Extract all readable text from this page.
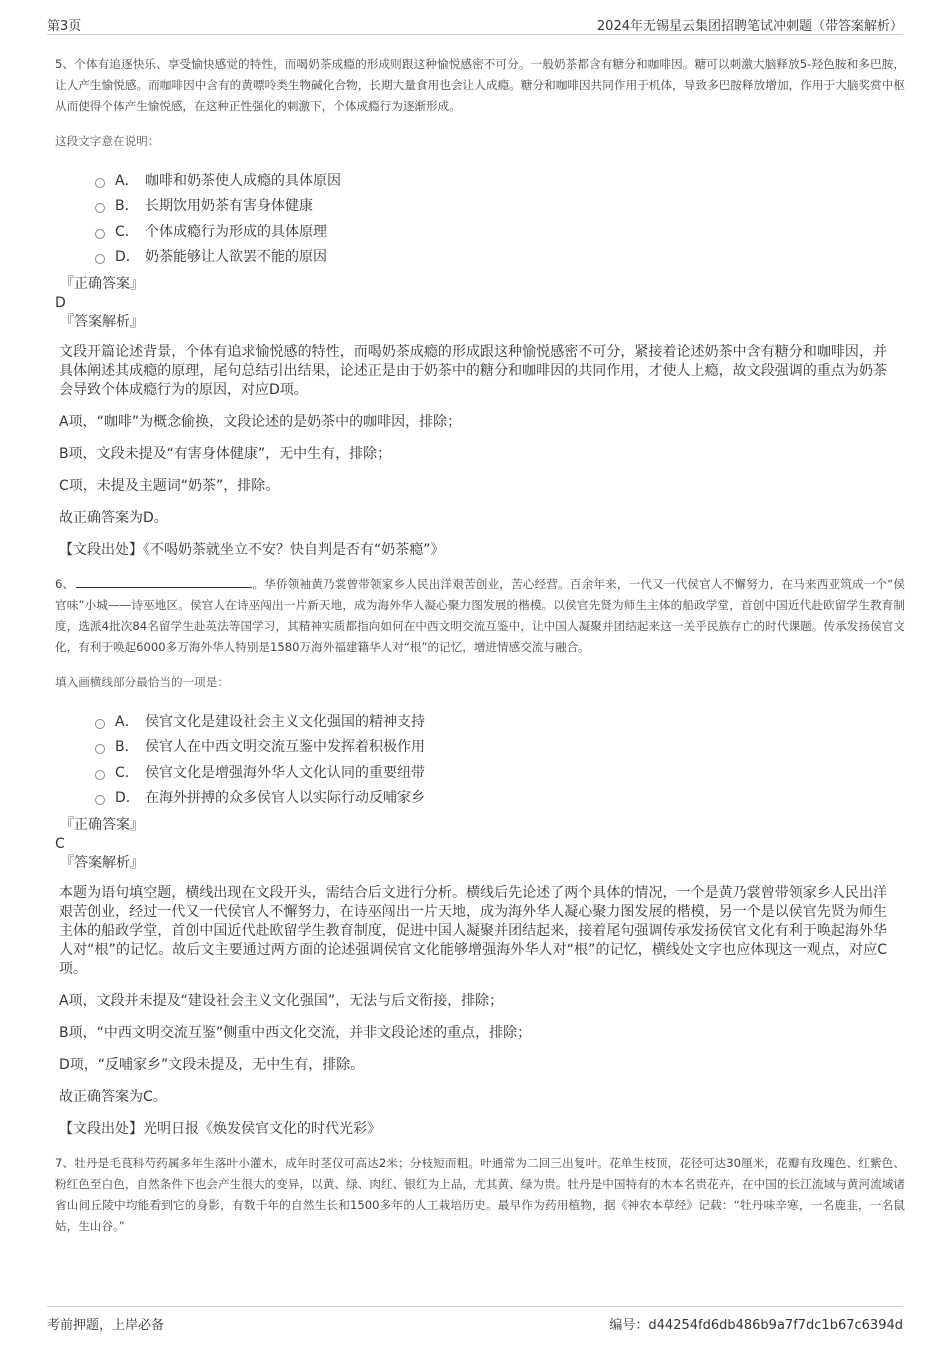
第3页	2024年无锡星云集团招聘笔试冲刺题（带答案解析）

5、个体有追逐快乐、享受愉快感觉的特性，而喝奶茶成瘾的形成则跟这种愉悦感密不可分。一般奶茶都含有糖分和咖啡因。糖可以刺激大脑释放5-羟色胺和多巴胺，让人产生愉悦感。而咖啡因中含有的黄嘌呤类生物碱化合物，长期大量食用也会让人成瘾。糖分和咖啡因共同作用于机体，导致多巴胺释放增加，作用于大脑奖赏中枢从而使得个体产生愉悦感，在这种正性强化的刺激下，个体成瘾行为逐渐形成。

这段文字意在说明：

A． 咖啡和奶茶使人成瘾的具体原因
B． 长期饮用奶茶有害身体健康
C． 个体成瘾行为形成的具体原理
D． 奶茶能够让人欲罢不能的原因
『正确答案』
D
『答案解析』

文段开篇论述背景，个体有追求愉悦感的特性，而喝奶茶成瘾的形成跟这种愉悦感密不可分，紧接着论述奶茶中含有糖分和咖啡因，并具体阐述其成瘾的原理，尾句总结引出结果，论述正是由于奶茶中的糖分和咖啡因的共同作用，才使人上瘾，故文段强调的重点为奶茶会导致个体成瘾行为的原因，对应D项。

A项，“咖啡”为概念偷换，文段论述的是奶茶中的咖啡因，排除；

B项，文段未提及“有害身体健康”，无中生有，排除；

C项，未提及主题词“奶茶”，排除。

故正确答案为D。

【文段出处】《不喝奶茶就坐立不安？快自判是否有“奶茶瘾”》

6、	。华侨领袖黄乃裳曾带领家乡人民出洋艰苦创业，苦心经营。百余年来，一代又一代侯官人不懈努力，在马来西亚筑成一个“侯官味”小城——诗巫地区。侯官人在诗巫闯出一片新天地，成为海外华人凝心聚力图发展的楷模。以侯官先贤为师生主体的船政学堂，首创中国近代赴欧留学生教育制度，选派4批次84名留学生赴英法等国学习，其精神实质都指向如何在中西文明交流互鉴中，让中国人凝聚并团结起来这一关乎民族存亡的时代课题。传承发扬侯官文化，有利于唤起6000多万海外华人特别是1580万海外福建籍华人对“根”的记忆，增进情感交流与融合。

填入画横线部分最恰当的一项是：

A． 侯官文化是建设社会主义文化强国的精神支持
B． 侯官人在中西文明交流互鉴中发挥着积极作用
C． 侯官文化是增强海外华人文化认同的重要纽带
D． 在海外拼搏的众多侯官人以实际行动反哺家乡
『正确答案』
C
『答案解析』

本题为语句填空题，横线出现在文段开头，需结合后文进行分析。横线后先论述了两个具体的情况，一个是黄乃裳曾带领家乡人民出洋艰苦创业，经过一代又一代侯官人不懈努力，在诗巫闯出一片天地，成为海外华人凝心聚力图发展的楷模，另一个是以侯官先贤为师生主体的船政学堂，首创中国近代赴欧留学生教育制度，促进中国人凝聚并团结起来，接着尾句强调传承发扬侯官文化有利于唤起海外华人对“根”的记忆。故后文主要通过两方面的论述强调侯官文化能够增强海外华人对“根”的记忆，横线处文字也应体现这一观点，对应C项。

A项，文段并未提及“建设社会主义文化强国”，无法与后文衔接，排除；

B项，“中西文明交流互鉴”侧重中西文化交流，并非文段论述的重点，排除；

D项，“反哺家乡”文段未提及，无中生有，排除。

故正确答案为C。

【文段出处】光明日报《焕发侯官文化的时代光彩》

7、牡丹是毛茛科芍药属多年生落叶小灌木，成年时茎仅可高达2米；分枝短而粗。叶通常为二回三出复叶。花单生枝顶，花径可达30厘米，花瓣有玫瑰色、红紫色、粉红色至白色，自然条件下也会产生很大的变异，以黄、绿、肉红、银红为上品，尤其黄、绿为贵。牡丹是中国特有的木本名贵花卉，在中国的长江流域与黄河流域诸省山间丘陵中均能看到它的身影，有数千年的自然生长和1500多年的人工栽培历史。最早作为药用植物，据《神农本草经》记载：“牡丹味辛寒，一名鹿韭，一名鼠姑，生山谷。”

考前押题，上岸必备	编号：d44254fd6db486b9a7f7dc1b67c6394d
